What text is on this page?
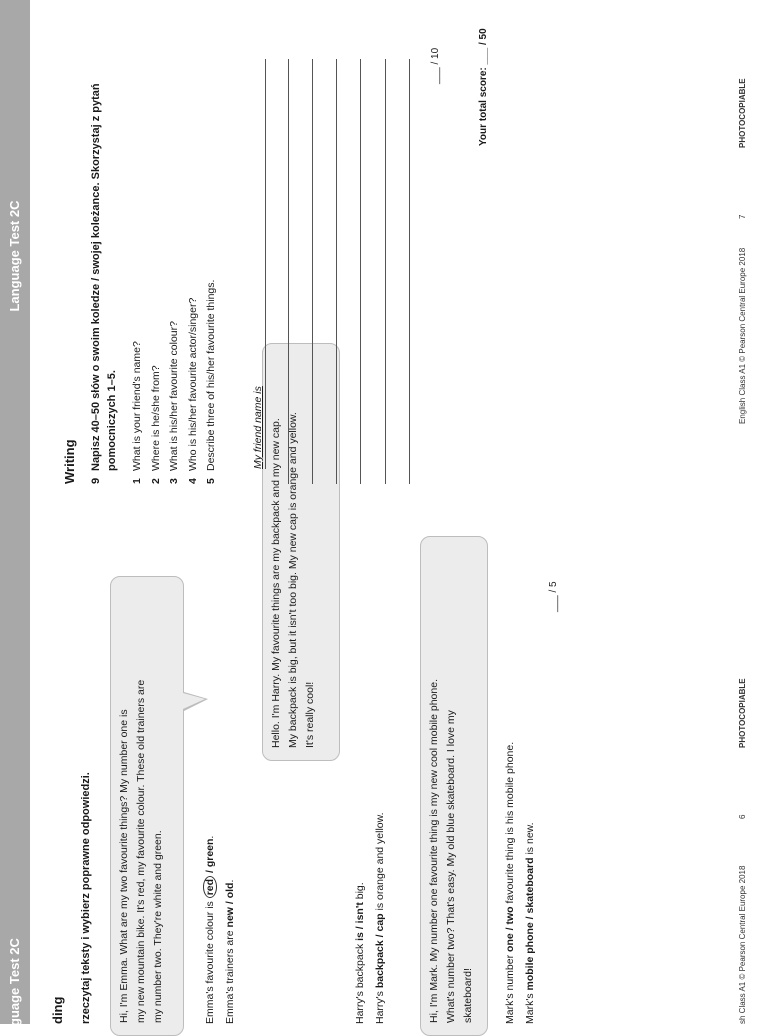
guage Test 2C
Language Test 2C
ding rzeczytaj teksty i wybierz poprawne odpowiedzi. Hi, I'm Emma. What are my two favourite things? My number one is my new mountain bike. It's red, my favourite colour. These old trainers are my number two. They're white and green.	Emma's favourite colour is red / green.
Emma's trainers are new / old.
Hello. I'm Harry. My favourite things are my backpack and my new cap. My backpack is big, but it isn't too big. My new cap is orange and yellow. It's really cool!
Harry's backpack is / isn't big.
Harry's backpack / cap is orange and yellow.	Hi, I'm Mark. My number one favourite thing is my new cool mobile phone. What's number two? That's easy. My old blue skateboard. I love my skateboard!	Mark's number one / two favourite thing is his mobile phone.
Mark's mobile phone / skateboard is new.
___ / 5
Writing 9Napisz 40–50 słów o swoim koledze / swojej koleżance. Skorzystaj z pytań pomocniczych 1–5.
1What is your friend's name?
2Where is he/she from?
3What is his/her favourite colour?
4Who is his/her favourite actor/singer?
5Describe three of his/her favourite things.	My friend name is
___ / 10
Your total score: ___ / 50
sh Class A1 © Pearson Central Europe 2018
6
PHOTOCOPIABLE
English Class A1 © Pearson Central Europe 2018
7
PHOTOCOPIABLE
